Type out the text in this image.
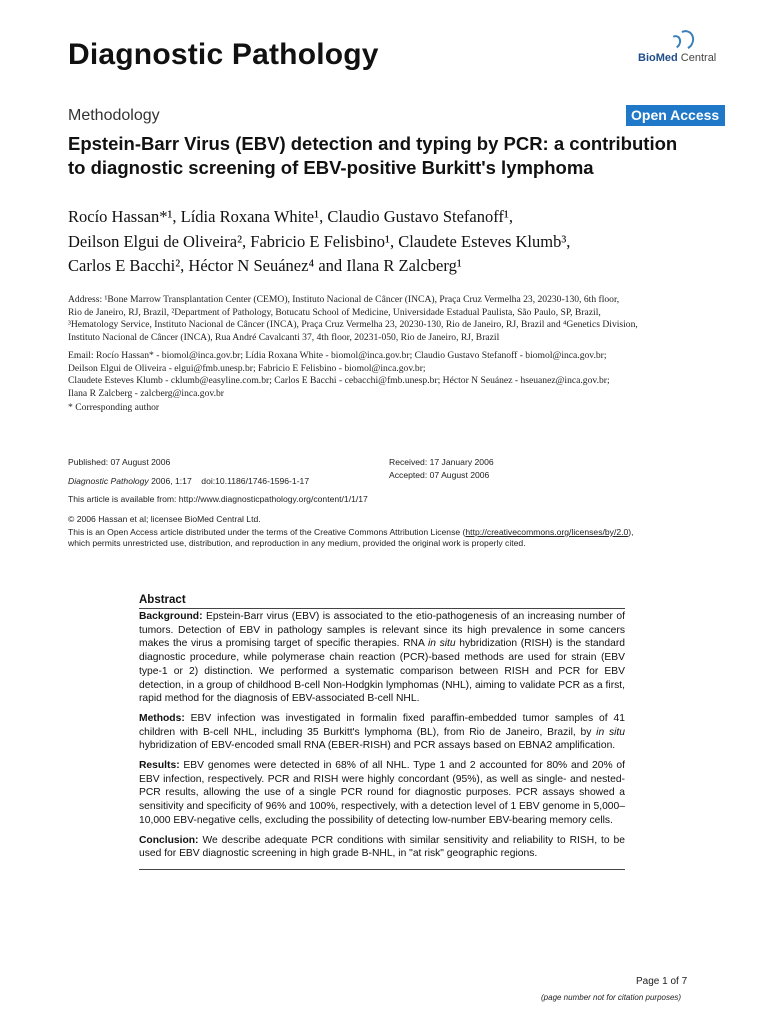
Diagnostic Pathology	BioMed Central
Methodology	Open Access
Epstein-Barr Virus (EBV) detection and typing by PCR: a contribution to diagnostic screening of EBV-positive Burkitt's lymphoma
Rocío Hassan*¹, Lídia Roxana White¹, Claudio Gustavo Stefanoff¹,
Deilson Elgui de Oliveira², Fabricio E Felisbino¹, Claudete Esteves Klumb³,
Carlos E Bacchi², Héctor N Seuánez⁴ and Ilana R Zalcberg¹
Address: ¹Bone Marrow Transplantation Center (CEMO), Instituto Nacional de Câncer (INCA), Praça Cruz Vermelha 23, 20230-130, 6th floor,
Rio de Janeiro, RJ, Brazil, ²Department of Pathology, Botucatu School of Medicine, Universidade Estadual Paulista, São Paulo, SP, Brazil,
³Hematology Service, Instituto Nacional de Câncer (INCA), Praça Cruz Vermelha 23, 20230-130, Rio de Janeiro, RJ, Brazil and ⁴Genetics Division,
Instituto Nacional de Câncer (INCA), Rua André Cavalcanti 37, 4th floor, 20231-050, Rio de Janeiro, RJ, Brazil
Email: Rocío Hassan* - biomol@inca.gov.br; Lídia Roxana White - biomol@inca.gov.br; Claudio Gustavo Stefanoff - biomol@inca.gov.br;
Deilson Elgui de Oliveira - elgui@fmb.unesp.br; Fabricio E Felisbino - biomol@inca.gov.br;
Claudete Esteves Klumb - cklumb@easyline.com.br; Carlos E Bacchi - cebacchi@fmb.unesp.br; Héctor N Seuánez - hseuanez@inca.gov.br;
Ilana R Zalcberg - zalcberg@inca.gov.br
* Corresponding author
Published: 07 August 2006
Diagnostic Pathology 2006, 1:17    doi:10.1186/1746-1596-1-17
Received: 17 January 2006
Accepted: 07 August 2006
This article is available from: http://www.diagnosticpathology.org/content/1/1/17
© 2006 Hassan et al; licensee BioMed Central Ltd.
This is an Open Access article distributed under the terms of the Creative Commons Attribution License (http://creativecommons.org/licenses/by/2.0),
which permits unrestricted use, distribution, and reproduction in any medium, provided the original work is properly cited.
Abstract

Background: Epstein-Barr virus (EBV) is associated to the etio-pathogenesis of an increasing number of tumors. Detection of EBV in pathology samples is relevant since its high prevalence in some cancers makes the virus a promising target of specific therapies. RNA in situ hybridization (RISH) is the standard diagnostic procedure, while polymerase chain reaction (PCR)-based methods are used for strain (EBV type-1 or 2) distinction. We performed a systematic comparison between RISH and PCR for EBV detection, in a group of childhood B-cell Non-Hodgkin lymphomas (NHL), aiming to validate PCR as a first, rapid method for the diagnosis of EBV-associated B-cell NHL.

Methods: EBV infection was investigated in formalin fixed paraffin-embedded tumor samples of 41 children with B-cell NHL, including 35 Burkitt's lymphoma (BL), from Rio de Janeiro, Brazil, by in situ hybridization of EBV-encoded small RNA (EBER-RISH) and PCR assays based on EBNA2 amplification.

Results: EBV genomes were detected in 68% of all NHL. Type 1 and 2 accounted for 80% and 20% of EBV infection, respectively. PCR and RISH were highly concordant (95%), as well as single- and nested-PCR results, allowing the use of a single PCR round for diagnostic purposes. PCR assays showed a sensitivity and specificity of 96% and 100%, respectively, with a detection level of 1 EBV genome in 5,000–10,000 EBV-negative cells, excluding the possibility of detecting low-number EBV-bearing memory cells.

Conclusion: We describe adequate PCR conditions with similar sensitivity and reliability to RISH, to be used for EBV diagnostic screening in high grade B-NHL, in "at risk" geographic regions.

Page 1 of 7
(page number not for citation purposes)
